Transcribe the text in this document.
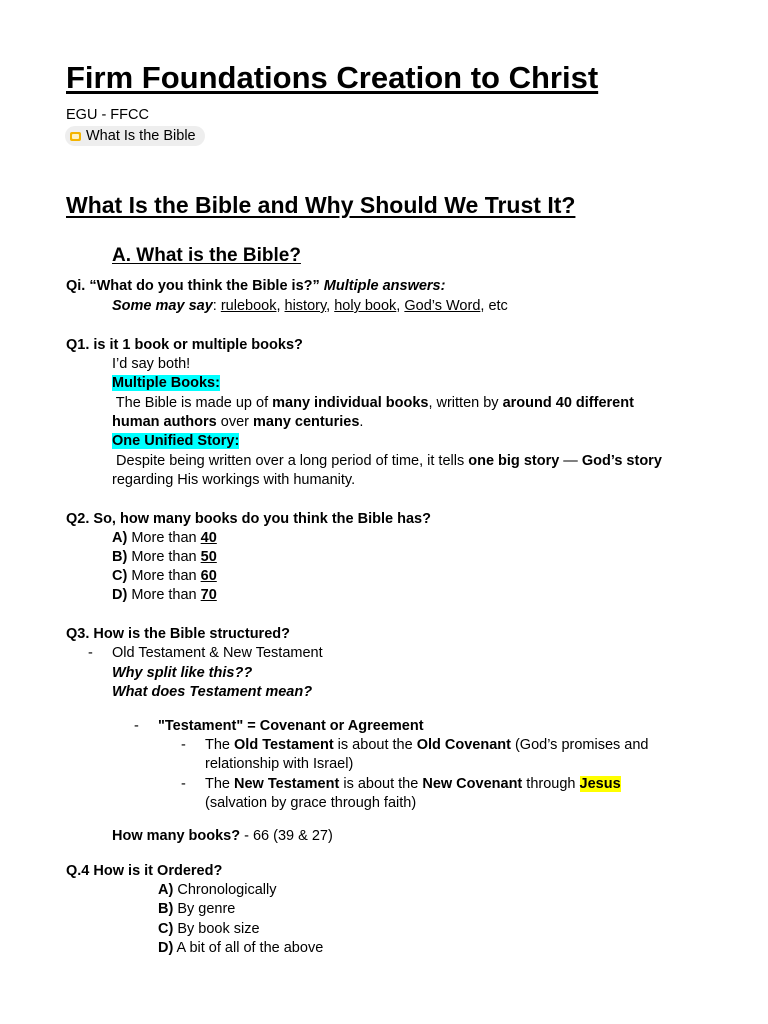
Firm Foundations Creation to Christ
EGU - FFCC
What Is the Bible
What Is the Bible and Why Should We Trust It?
A. What is the Bible?
Qi. “What do you think the Bible is?” Multiple answers:
Some may say: rulebook, history, holy book, God’s Word, etc
Q1. is it 1 book or multiple books?
I’d say both!
Multiple Books:
The Bible is made up of many individual books, written by around 40 different
human authors over many centuries.
One Unified Story:
Despite being written over a long period of time, it tells one big story — God’s story
regarding His workings with humanity.
Q2. So, how many books do you think the Bible has?
A) More than 40
B) More than 50
C) More than 60
D) More than 70
Q3. How is the Bible structured?
- Old Testament & New Testament
Why split like this??
What does Testament mean?
- "Testament" = Covenant or Agreement
- The Old Testament is about the Old Covenant (God’s promises and
relationship with Israel)
- The New Testament is about the New Covenant through Jesus
(salvation by grace through faith)
How many books? - 66 (39 & 27)
Q.4 How is it Ordered?
A) Chronologically
B) By genre
C) By book size
D) A bit of all of the above
